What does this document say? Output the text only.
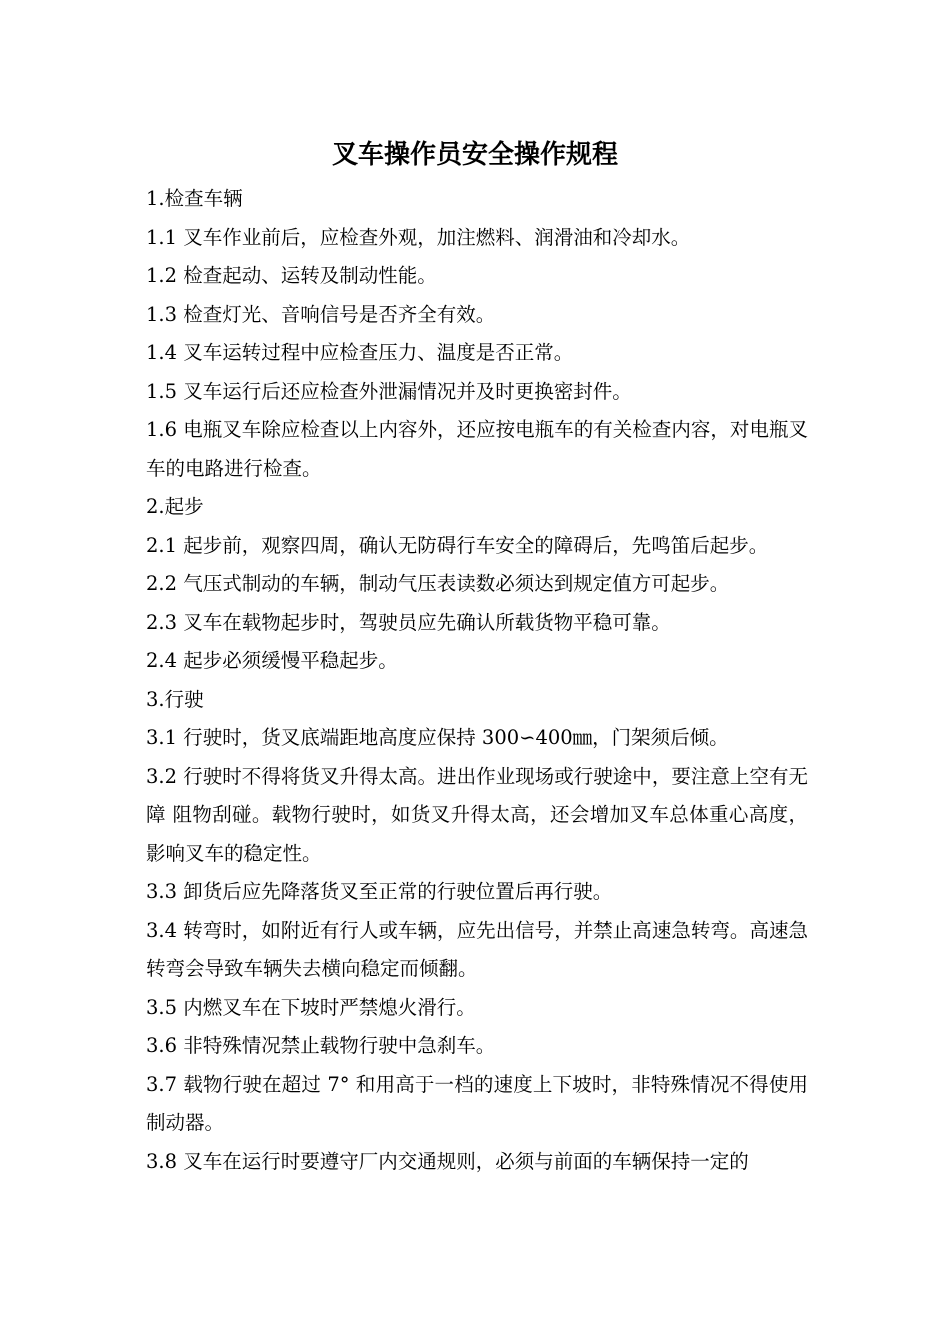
叉车操作员安全操作规程

1.检查车辆

1.1 叉车作业前后，应检查外观，加注燃料、润滑油和冷却水。

1.2 检查起动、运转及制动性能。

1.3 检查灯光、音响信号是否齐全有效。

1.4 叉车运转过程中应检查压力、温度是否正常。

1.5 叉车运行后还应检查外泄漏情况并及时更换密封件。

1.6 电瓶叉车除应检查以上内容外，还应按电瓶车的有关检查内容，对电瓶叉车的电路进行检查。

2.起步

2.1 起步前，观察四周，确认无防碍行车安全的障碍后，先鸣笛后起步。

2.2 气压式制动的车辆，制动气压表读数必须达到规定值方可起步。

2.3 叉车在载物起步时，驾驶员应先确认所载货物平稳可靠。

2.4 起步必须缓慢平稳起步。

3.行驶

3.1 行驶时，货叉底端距地高度应保持 300∽400㎜，门架须后倾。

3.2 行驶时不得将货叉升得太高。进出作业现场或行驶途中，要注意上空有无障 阻物刮碰。载物行驶时，如货叉升得太高，还会增加叉车总体重心高度，影响叉车的稳定性。

3.3 卸货后应先降落货叉至正常的行驶位置后再行驶。

3.4 转弯时，如附近有行人或车辆，应先出信号，并禁止高速急转弯。高速急转弯会导致车辆失去横向稳定而倾翻。

3.5 内燃叉车在下坡时严禁熄火滑行。

3.6 非特殊情况禁止载物行驶中急刹车。

3.7 载物行驶在超过 7° 和用高于一档的速度上下坡时，非特殊情况不得使用制动器。

3.8 叉车在运行时要遵守厂内交通规则，必须与前面的车辆保持一定的
